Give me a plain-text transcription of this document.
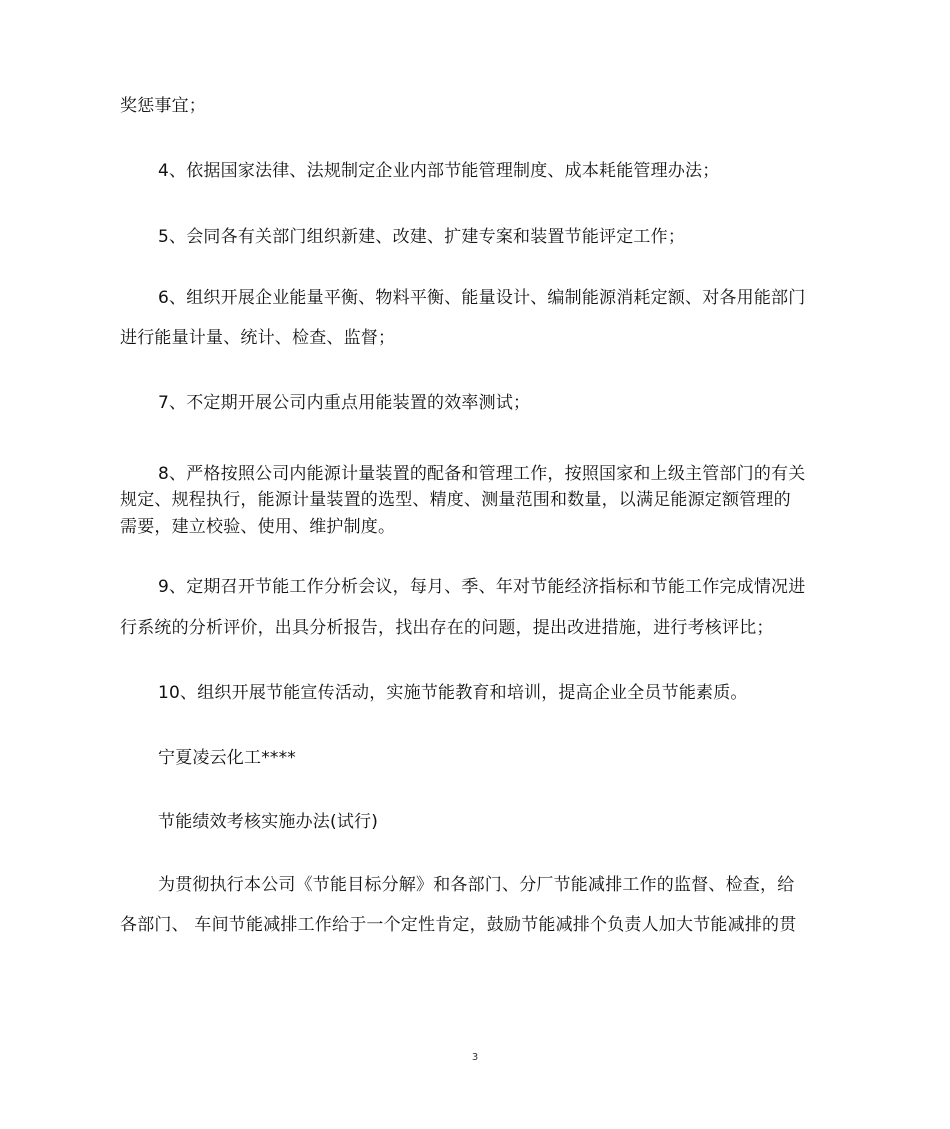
奖惩事宜；
4、依据国家法律、法规制定企业内部节能管理制度、成本耗能管理办法；
5、会同各有关部门组织新建、改建、扩建专案和装置节能评定工作；
6、组织开展企业能量平衡、物料平衡、能量设计、编制能源消耗定额、对各用能部门
进行能量计量、统计、检查、监督；
7、不定期开展公司内重点用能装置的效率测试；
8、严格按照公司内能源计量装置的配备和管理工作，按照国家和上级主管部门的有关
规定、规程执行，能源计量装置的选型、精度、测量范围和数量，以满足能源定额管理的
需要，建立校验、使用、维护制度。
9、定期召开节能工作分析会议，每月、季、年对节能经济指标和节能工作完成情况进
行系统的分析评价，出具分析报告，找出存在的问题，提出改进措施，进行考核评比；
10、组织开展节能宣传活动，实施节能教育和培训，提高企业全员节能素质。
宁夏凌云化工****
节能绩效考核实施办法(试行)
为贯彻执行本公司《节能目标分解》和各部门、分厂节能减排工作的监督、检查，给
各部门、 车间节能减排工作给于一个定性肯定，鼓励节能减排个负责人加大节能减排的贯
3
